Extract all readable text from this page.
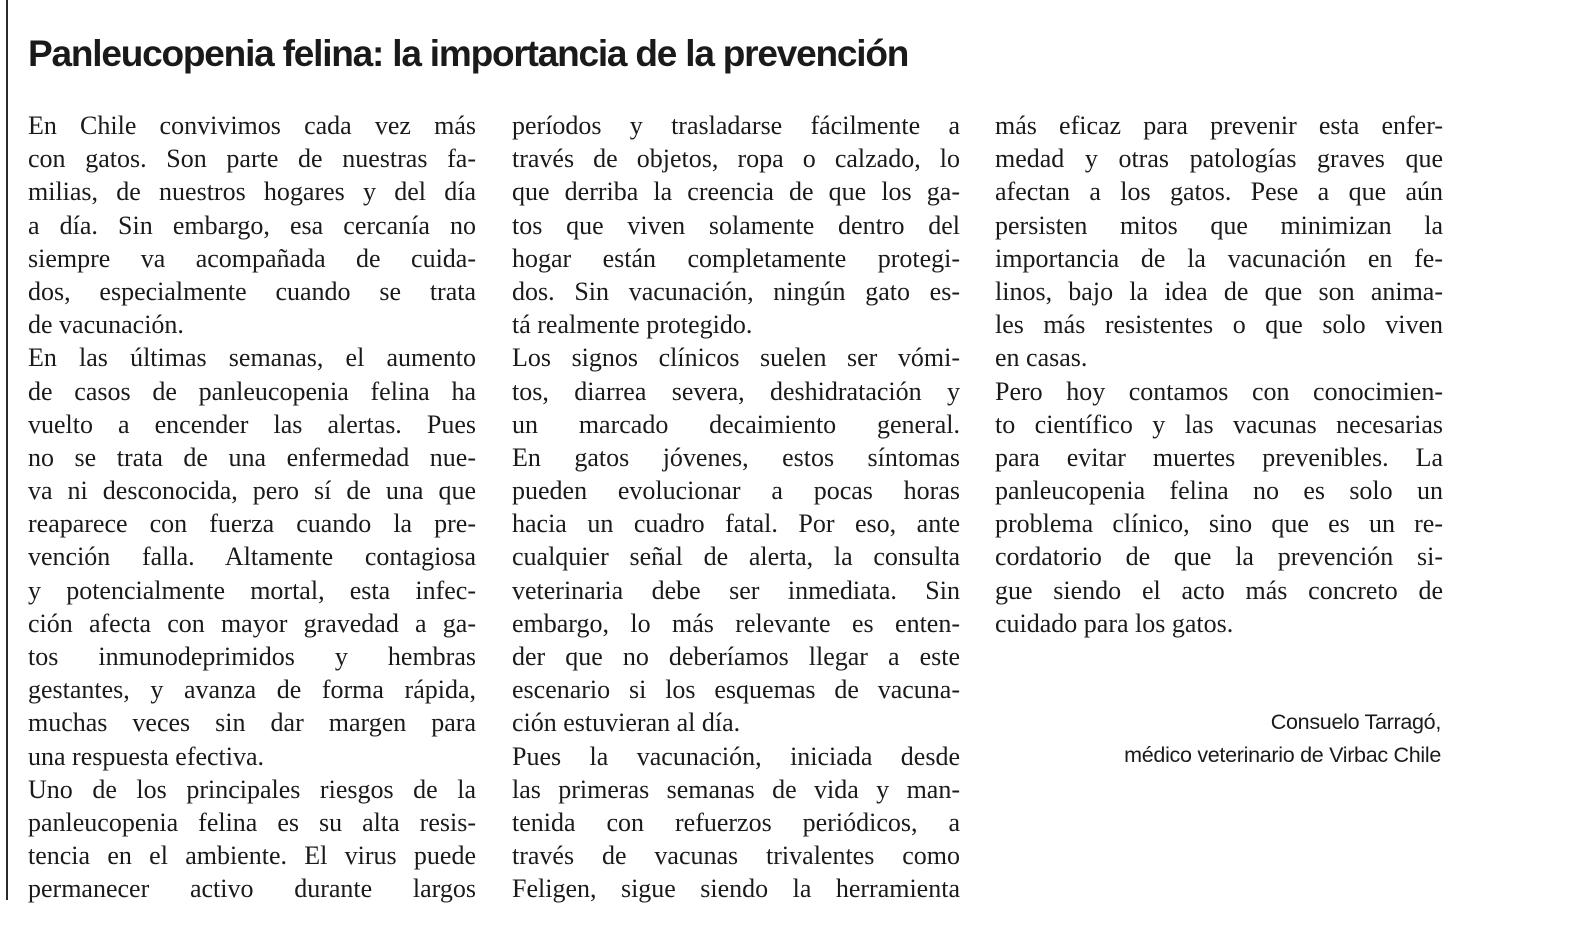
Panleucopenia felina: la importancia de la prevención
En Chile convivimos cada vez más
con gatos. Son parte de nuestras fa-
milias, de nuestros hogares y del día
a día. Sin embargo, esa cercanía no
siempre va acompañada de cuida-
dos, especialmente cuando se trata
de vacunación.
En las últimas semanas, el aumento
de casos de panleucopenia felina ha
vuelto a encender las alertas. Pues
no se trata de una enfermedad nue-
va ni desconocida, pero sí de una que
reaparece con fuerza cuando la pre-
vención falla. Altamente contagiosa
y potencialmente mortal, esta infec-
ción afecta con mayor gravedad a ga-
tos inmunodeprimidos y hembras
gestantes, y avanza de forma rápida,
muchas veces sin dar margen para
una respuesta efectiva.
Uno de los principales riesgos de la
panleucopenia felina es su alta resis-
tencia en el ambiente. El virus puede
permanecer activo durante largos
períodos y trasladarse fácilmente a
través de objetos, ropa o calzado, lo
que derriba la creencia de que los ga-
tos que viven solamente dentro del
hogar están completamente protegi-
dos. Sin vacunación, ningún gato es-
tá realmente protegido.
Los signos clínicos suelen ser vómi-
tos, diarrea severa, deshidratación y
un marcado decaimiento general.
En gatos jóvenes, estos síntomas
pueden evolucionar a pocas horas
hacia un cuadro fatal. Por eso, ante
cualquier señal de alerta, la consulta
veterinaria debe ser inmediata. Sin
embargo, lo más relevante es enten-
der que no deberíamos llegar a este
escenario si los esquemas de vacuna-
ción estuvieran al día.
Pues la vacunación, iniciada desde
las primeras semanas de vida y man-
tenida con refuerzos periódicos, a
través de vacunas trivalentes como
Feligen, sigue siendo la herramienta
más eficaz para prevenir esta enfer-
medad y otras patologías graves que
afectan a los gatos. Pese a que aún
persisten mitos que minimizan la
importancia de la vacunación en fe-
linos, bajo la idea de que son anima-
les más resistentes o que solo viven
en casas.
Pero hoy contamos con conocimien-
to científico y las vacunas necesarias
para evitar muertes prevenibles. La
panleucopenia felina no es solo un
problema clínico, sino que es un re-
cordatorio de que la prevención si-
gue siendo el acto más concreto de
cuidado para los gatos.
Consuelo Tarragó,
médico veterinario de Virbac Chile
